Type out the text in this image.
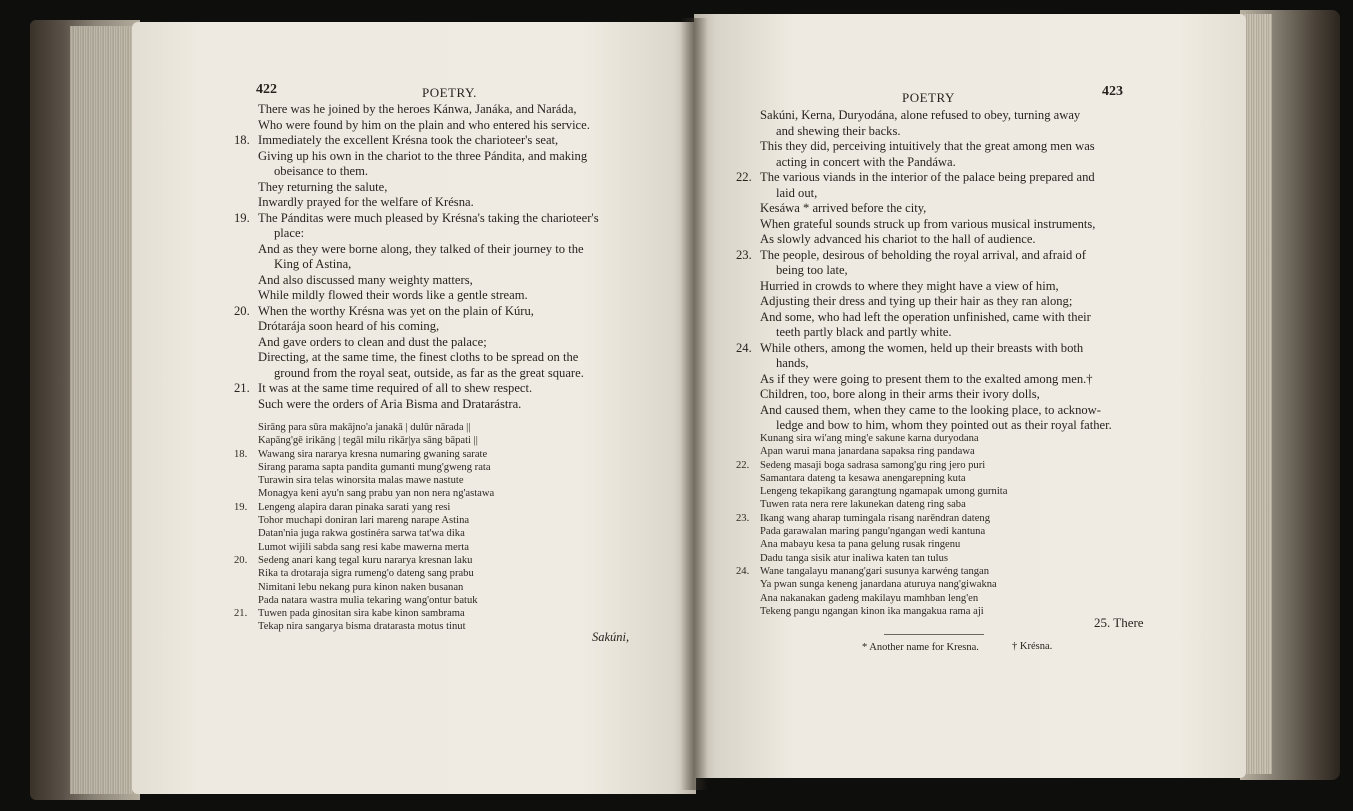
422	POETRY.
There was he joined by the heroes Kánwa, Janáka, and Naráda,
Who were found by him on the plain and who entered his service.
18. Immediately the excellent Krésna took the charioteer's seat,
Giving up his own in the chariot to the three Pándita, and making
obeisance to them.
They returning the salute,
Inwardly prayed for the welfare of Krésna.
19. The Pánditas were much pleased by Krésna's taking the charioteer's
place:
And as they were borne along, they talked of their journey to the
King of Astina,
And also discussed many weighty matters,
While mildly flowed their words like a gentle stream.
20. When the worthy Krésna was yet on the plain of Kúru,
Drótarája soon heard of his coming,
And gave orders to clean and dust the palace;
Directing, at the same time, the finest cloths to be spread on the
ground from the royal seat, outside, as far as the great square.
21. It was at the same time required of all to shew respect.
Such were the orders of Aria Bisma and Dratarástra.
Sirāng para sūra makājno'a janakā | dulūr nārada ||
Kapāng'gē irikāng | tegāl milu rikār|ya sāng bāpati ||
18. Wawang sira nararya kresna numaring gwaning sarate
Sirang parama sapta pandita gumanti mung'gweng rata
Turawin sira telas winorsita malas mawe nastute
Monagya keni ayu'n sang prabu yan non nera ng'astawa
19. Lengeng alapira daran pinaka sarati yang resi
Tohor muchapi doniran lari mareng narape Astina
Datan'nia juga rakwa gostinéra sarwa tat'wa dika
Lumot wijili sabda sang resi kabe mawerna merta
20. Sedeng anari kang tegal kuru nararya kresnan laku
Rika ta drotaraja sigra rumeng'o dateng sang prabu
Nimitani lebu nekang pura kinon naken busanan
Pada natara wastra mulia tekaring wang'ontur batuk
21. Tuwen pada ginositan sira kabe kinon sambrama
Tekap nira sangarya bisma dratarasta motus tinut
Sakúni,
POETRY	423
Sakúni, Kerna, Duryodána, alone refused to obey, turning away
and shewing their backs.
This they did, perceiving intuitively that the great among men was
acting in concert with the Pandáwa.
22. The various viands in the interior of the palace being prepared and
laid out,
Kesáwa * arrived before the city,
When grateful sounds struck up from various musical instruments,
As slowly advanced his chariot to the hall of audience.
23. The people, desirous of beholding the royal arrival, and afraid of
being too late,
Hurried in crowds to where they might have a view of him,
Adjusting their dress and tying up their hair as they ran along;
And some, who had left the operation unfinished, came with their
teeth partly black and partly white.
24. While others, among the women, held up their breasts with both
hands,
As if they were going to present them to the exalted among men.†
Children, too, bore along in their arms their ivory dolls,
And caused them, when they came to the looking place, to acknow-
ledge and bow to him, whom they pointed out as their royal father.
Kunang sira wi'ang ming'e sakune karna duryodana
Apan warui mana janardana sapaksa ring pandawa
22. Sedeng masaji boga sadrasa samong'gu ring jero puri
Samantara dateng ta kesawa anengarepning kuta
Lengeng tekapikang garangtung ngamapak umong gurnita
Tuwen rata nera rere lakunekan dateng ring saba
23. Ikang wang aharap tumingala risang narēndran dateng
Pada garawalan maring pangu'ngangan wedi kantuna
Ana mabayu kesa ta pana gelung rusak ringenu
Dadu tanga sisik atur inaliwa katen tan tulus
24. Wane tangalayu manang'gari susunya karwéng tangan
Ya pwan sunga keneng janardana aturuya nang'giwakna
Ana nakanakan gadeng makilayu mamhban leng'en
Tekeng pangu ngangan kinon ika mangakua rama aji
25. There
* Another name for Kresna.	† Krésna.
